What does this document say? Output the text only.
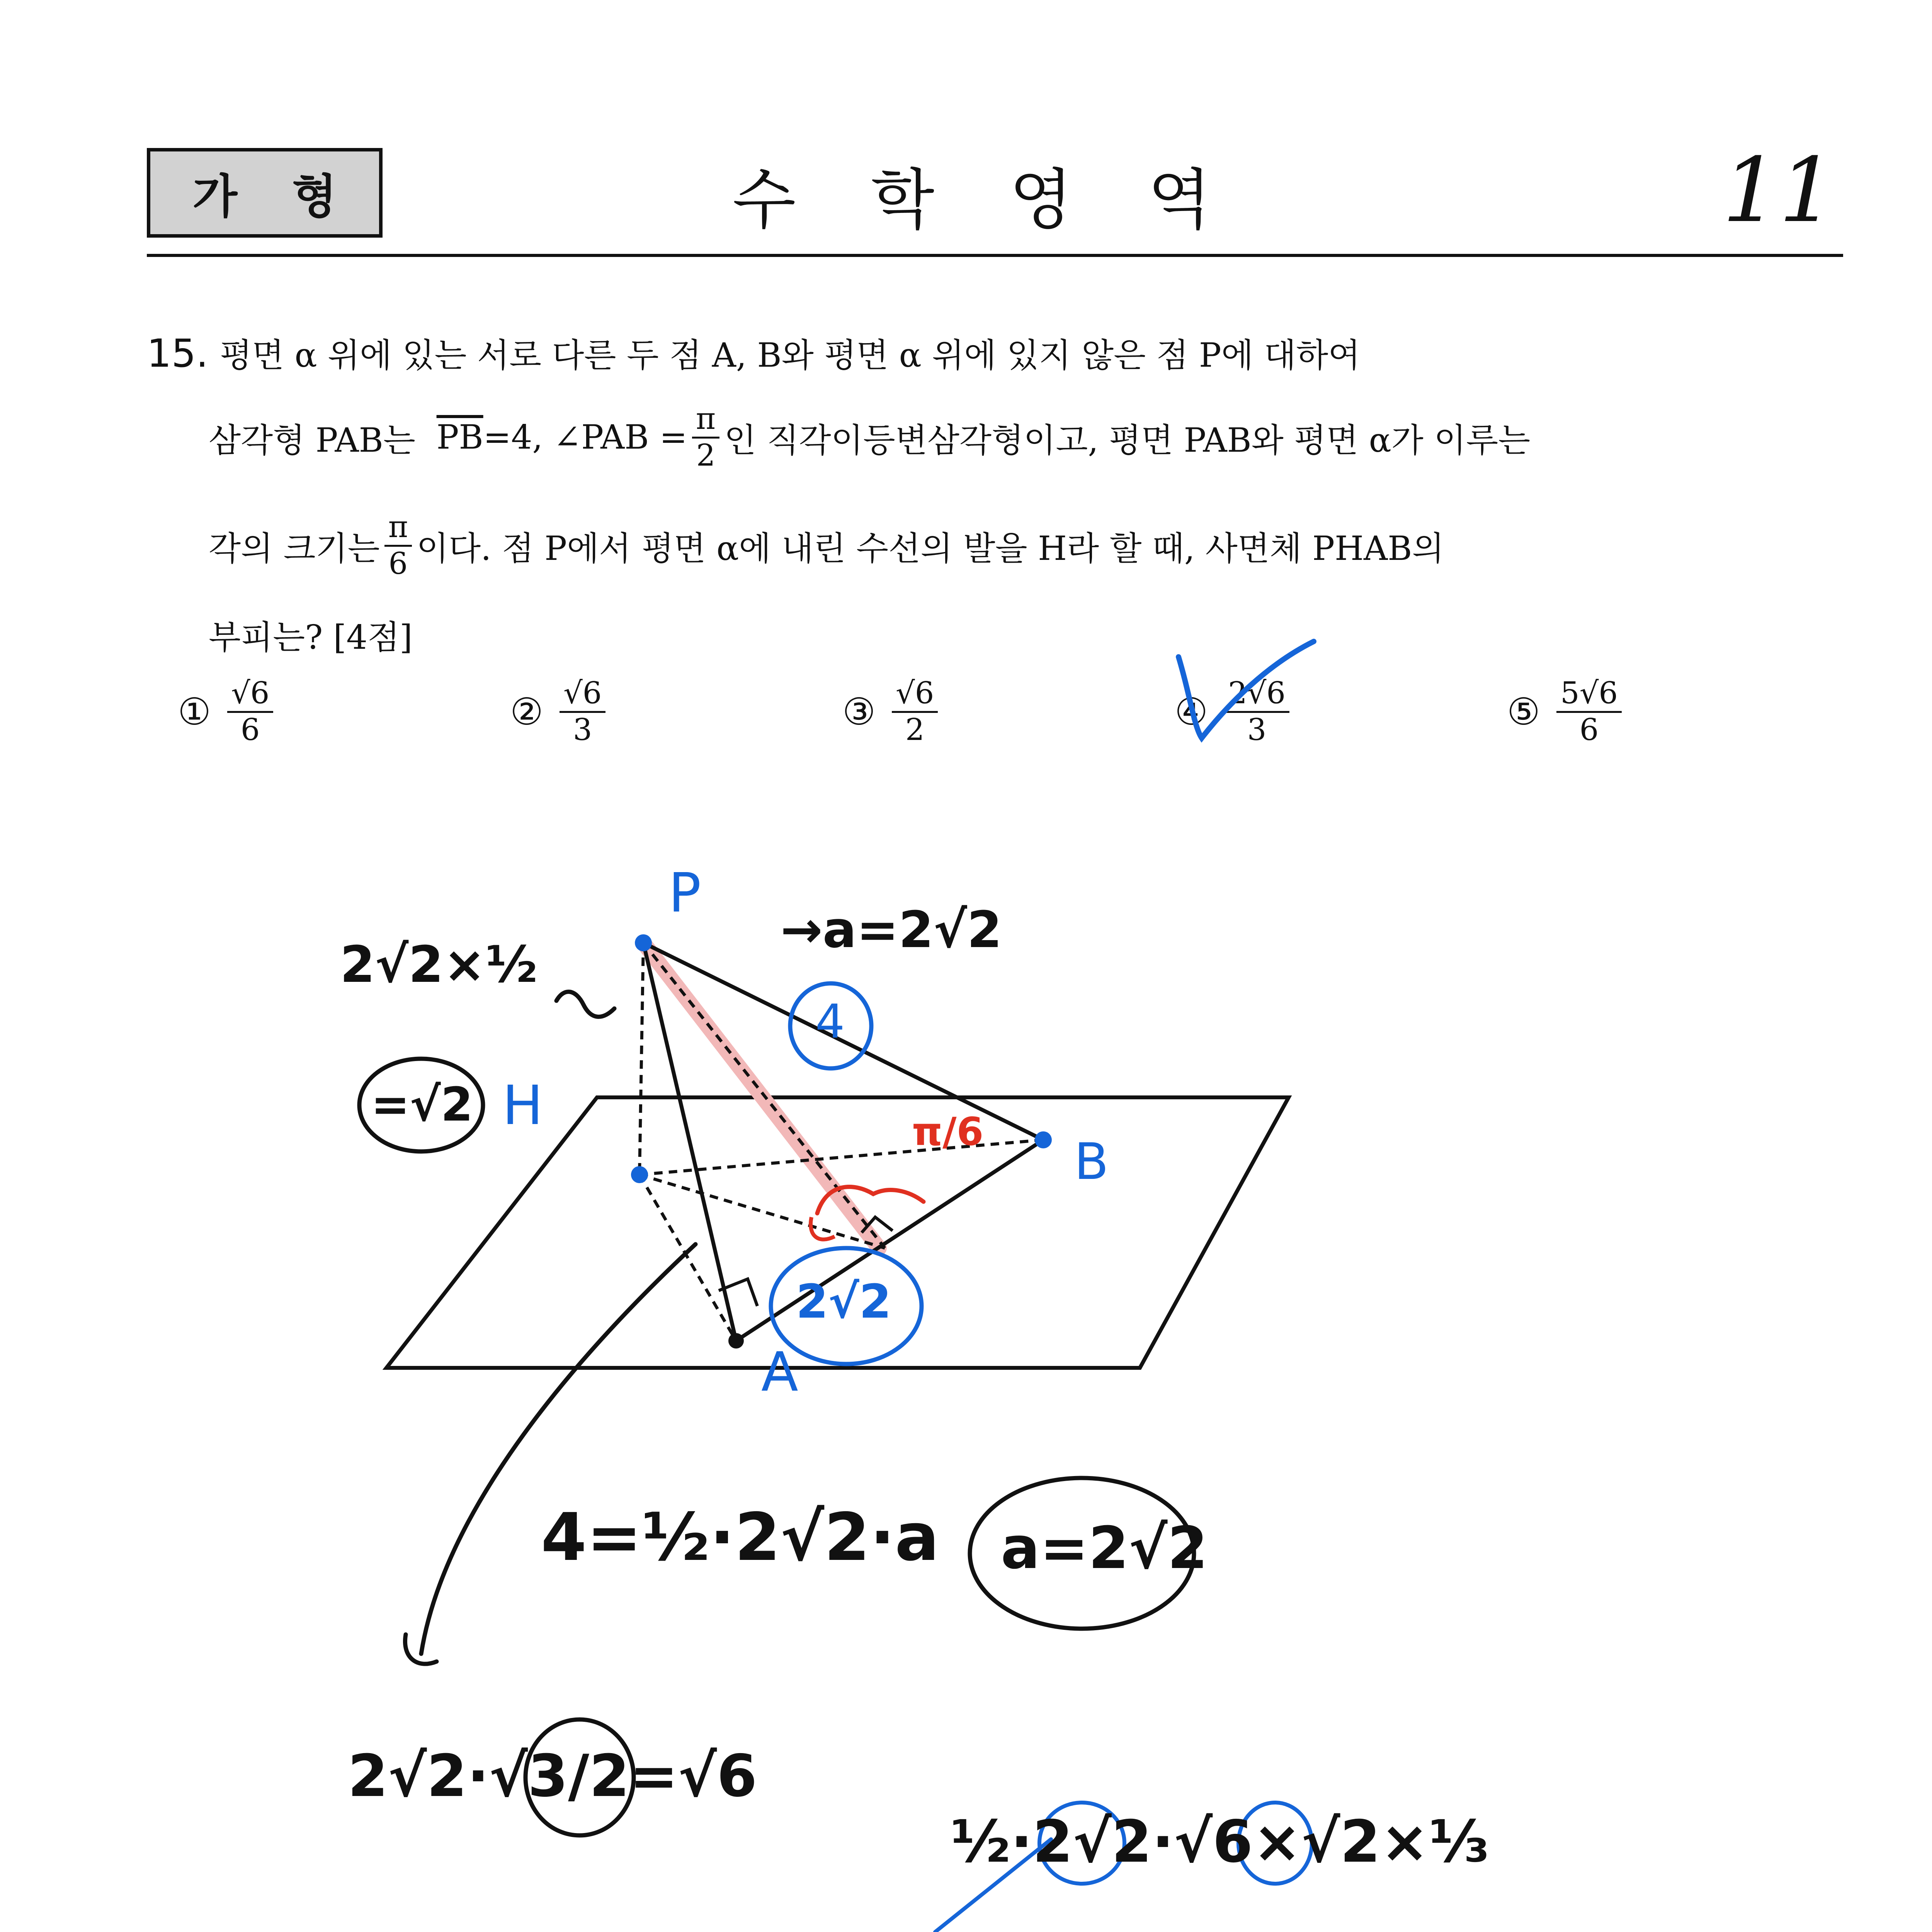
가 형	수 학 영 역	11
15. 평면 α 위에 있는 서로 다른 두 점 A, B와 평면 α 위에 있지 않은 점 P에 대하여
삼각형 PAB는
$\overline{PB} =4$, ∠PAB = $\frac{\pi}{2}$ 인 직각이등변삼각형이고, 평면 PAB와 평면 α가 이루는
각의 크기는 $\frac{\pi}{6}$ 이다. 점 P에서 평면 α에 내린 수선의 발을 H라 할 때, 사면체 PHAB의
부피는? [4점]
① $\frac{√6}{6}$	② $\frac{√6}{3}$	③ $\frac{√6}{2}$	④ $\frac{2√6}{3}$	⑤ $\frac{5√6}{6}$
P
B
H
A
4
2√2×½
=√2
→a=2√2
π/6
2√2
4=½·2√2·a a=2√2
2√2·√3/2=√6
½·2√2·√6×√2×⅓
